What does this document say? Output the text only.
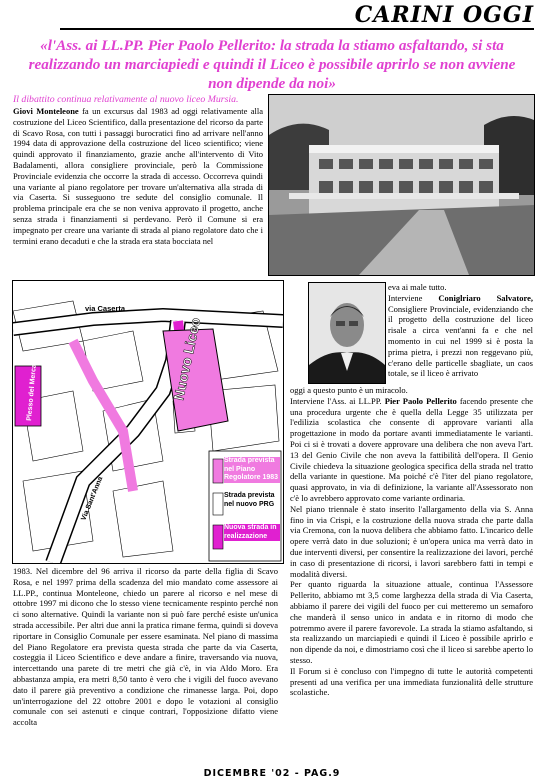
CARINI OGGI
«l'Ass. ai LL.PP. Pier Paolo Pellerito: la strada la stiamo asfaltando, si sta realizzando un marciapiedi e quindi il Liceo è possibile aprirlo se non avviene non dipende da noi»
Il dibattito continua relativamente al nuovo liceo Mursia.

Giovi Monteleone fa un excursus dal 1983 ad oggi relativamente alla costruzione del Liceo Scientifico, dalla presentazione del ricorso da parte di Scavo Rosa, con tutti i passaggi burocratici fino ad arrivare nell'anno 1994 data di approvazione della costruzione del liceo scientifico; viene quindi approvato il finanziamento, grazie anche all'intervento di Vito Badalamenti, allora consigliere provinciale, però la Commissione Provinciale evidenzia che occorre la strada di accesso. Occorreva quindi una variante al piano regolatore per trovare un'alternativa alla strada di via Caserta. Si susseguono tre sedute del consiglio comunale. Il problema principale era che se non veniva approvato il progetto, anche senza strada i finanziamenti si perdevano. Però il Comune si era impegnato per creare una variante di strada al piano regolatore dato che i termini erano decaduti e che la strada era stata bocciata nel

eva ai male tutto.
Interviene Coniglriaro Salvatore, Consigliere Provinciale, evidenziando che il progetto della costruzione del liceo risale a circa vent'anni fa e che nel momento in cui nel 1999 si è posta la prima pietra, i prezzi non reggevano più, c'erano delle particelle sbagliate, un caos totale, se il liceo è arrivato

via Caserta
Nuovo Liceo
Plesso del Mercatello
Via Sant'Anna
Strada prevista nel Piano Regolatore 1983
Strada prevista nel nuovo PRG
Nuova strada in realizzazione

1983. Nel dicembre del 96 arriva il ricorso da parte della figlia di Scavo Rosa, e nel 1997 prima della scadenza del mio mandato come assessore ai LL.PP., continua Monteleone, chiedo un parere al ricorso e nel mese di ottobre 1997 mi dicono che lo stesso viene tecnicamente respinto perché non ci sono alternative. Quindi la variante non si può fare perché esiste un'unica strada accessibile. Per altri due anni la pratica rimane ferma, quindi si doveva riportare in Consiglio Comunale per essere esaminata. Nel piano di massima del Piano Regolatore era prevista questa strada che parte da via Caserta, costeggia il Liceo Scientifico e deve andare a finire, traversando via nuova, intercettando una parete di tre metri che già c'è, in via Aldo Moro. Era abbastanza ampia, era metri 8,50 tanto è vero che i vigili del fuoco avevano dato il parere già preventivo a condizione che rimanesse larga. Poi, dopo un'interrogazione del 22 ottobre 2001 e dopo le votazioni al consiglio comunale con sei astenuti e cinque contrari, l'opposizione difatto viene accolta

oggi a questo punto è un miracolo.

Interviene l'Ass. ai LL.PP. Pier Paolo Pellerito facendo presente che una procedura urgente che è quella della Legge 35 utilizzata per l'edilizia scolastica che consente di approvare varianti alla progettazione in modo da portare avanti immediatamente le varianti. Poi ci si è trovati a dovere approvare una delibera che non aveva l'art. 13 del Genio Civile che non aveva la fattibilità dell'opera. Il Genio Civile chiedeva la situazione geologica specifica della strada nel tratto della variante in questione. Ma poiché c'è l'iter del piano regolatore, quasi approvato, in via di definizione, la variante all'Assessorato non c'è lo avrebbero approvato come variante ordinaria.

Nel piano triennale è stato inserito l'allargamento della via S. Anna fino in via Crispi, e la costruzione della nuova strada che parte dalla via Cremona, con la nuova delibera che abbiamo fatto. L'incarico delle opere verrà dato in due soluzioni; è un'opera unica ma verrà dato in due interventi diversi, per consentire la realizzazione dei lavori, perché in caso di presentazione di ricorsi, i lavori sarebbero fatti in tempi e modalità diversi.

Per quanto riguarda la situazione attuale, continua l'Assessore Pellerito, abbiamo mt 3,5 come larghezza della strada di Via Caserta, abbiamo il parere dei vigili del fuoco per cui metteremo un semaforo che manderà il senso unico in andata e in ritorno di modo che potremmo avere il parere favorevole. La strada la stiamo asfaltando, si sta realizzando un marciapiedi e quindi il Liceo è possibile aprirlo e non dipende da noi, e dimostriamo così che il liceo si sarebbe aperto lo stesso.

Il Forum si è concluso con l'impegno di tutte le autorità competenti presenti ad una verifica per una immediata funzionalità delle strutture scolastiche.

DICEMBRE '02 - PAG.9
